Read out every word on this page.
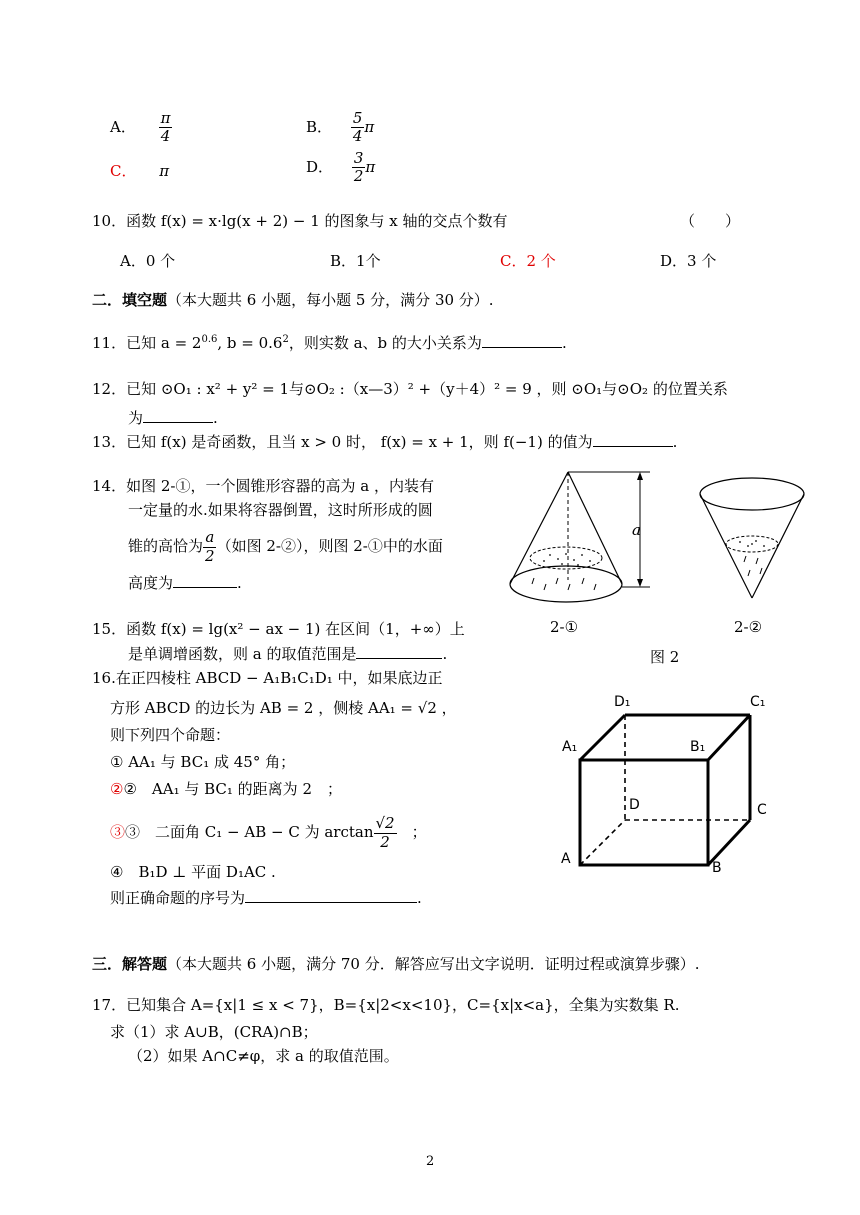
A． $\frac{\pi}{4}$	B． $\frac{5}{4}$ π
C． π	D． $\frac{3}{2}$ π
10．函数 f(x) = x·lg(x + 2) − 1 的图象与 x 轴的交点个数有	（　　）
A．0 个	B．1个	C．2 个	D．3 个
二．填空题（本大题共 6 小题，每小题 5 分，满分 30 分）.
11．已知 $a = 2^{0.6}$, $b = 0.6^2$，则实数 a、b 的大小关系为	.
12．已知 ⊙O₁ : x² + y² = 1与⊙O₂ :（x—3）² +（y＋4）² = 9 ，则 ⊙O₁与⊙O₂ 的位置关系
为	.
13．已知 f(x) 是奇函数，且当 x > 0 时， f(x) = x + 1，则 f(−1) 的值为	.
14．如图 2-①，一个圆锥形容器的高为 a ，内装有
一定量的水.如果将容器倒置，这时所形成的圆
锥的高恰为 $\frac{a}{2}$ （如图 2-②），则图 2-①中的水面
高度为	.
15．函数 f(x) = lg(x² − ax − 1) 在区间（1，+∞）上
是单调增函数，则 a 的取值范围是	.
a
2-①	2-②
图 2
16.在正四棱柱 ABCD − A₁B₁C₁D₁ 中，如果底边正
方形 ABCD 的边长为 AB = 2 ，侧棱 AA₁ = √2 ，
则下列四个命题：
① AA₁ 与 BC₁ 成 45° 角；
②②　AA₁ 与 BC₁ 的距离为 2　；
③③　二面角 C₁ − AB − C 为 $\arctan \frac{√2}{2}$ 　；
④　B₁D ⊥ 平面 D₁AC .
则正确命题的序号为	.
D₁	C₁
A₁	B₁
D	C
A
B
三．解答题（本大题共 6 小题，满分 70 分．解答应写出文字说明．证明过程或演算步骤）.
17．已知集合 A={x|1 ≤ x < 7}，B={x|2<x<10}，C={x|x<a}，全集为实数集 R.
求（1）求 A∪B，(CRA)∩B；
（2）如果 A∩C≠φ，求 a 的取值范围。
2
